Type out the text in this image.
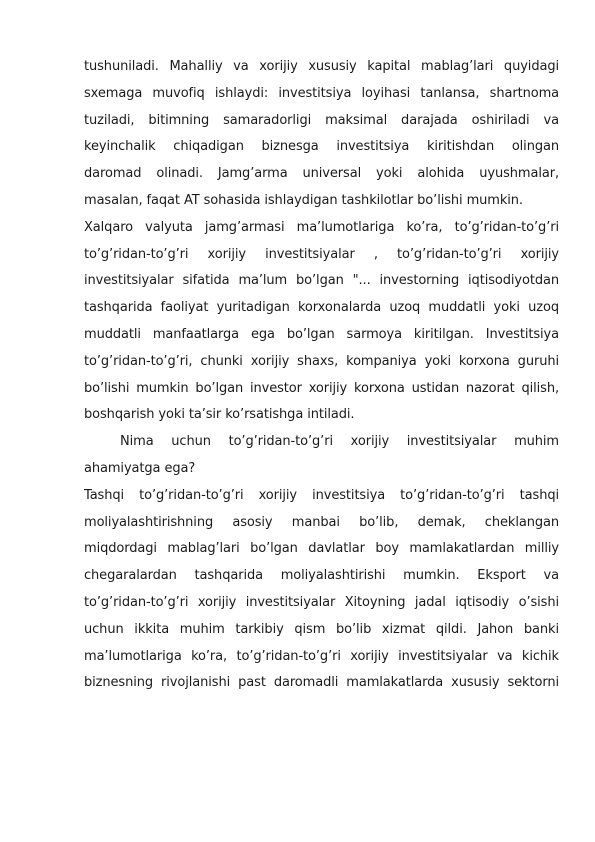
tushuniladi. Mahalliy va xorijiy xususiy kapital mablag’lari quyidagi
sxemaga muvofiq ishlaydi: investitsiya loyihasi tanlansa, shartnoma
tuziladi, bitimning samaradorligi maksimal darajada oshiriladi va
keyinchalik chiqadigan biznesga investitsiya kiritishdan olingan
daromad olinadi. Jamg’arma universal yoki alohida uyushmalar,
masalan, faqat AT sohasida ishlaydigan tashkilotlar bo’lishi mumkin.
Xalqaro valyuta jamg’armasi ma’lumotlariga ko’ra, to’g’ridan-to’g’ri
to’g’ridan-to’g’ri xorijiy investitsiyalar , to’g’ridan-to’g’ri xorijiy
investitsiyalar sifatida ma’lum bo’lgan "... investorning iqtisodiyotdan
tashqarida faoliyat yuritadigan korxonalarda uzoq muddatli yoki uzoq
muddatli manfaatlarga ega bo’lgan sarmoya kiritilgan. Investitsiya
to’g’ridan-to’g’ri, chunki xorijiy shaxs, kompaniya yoki korxona guruhi
bo’lishi mumkin bo’lgan investor xorijiy korxona ustidan nazorat qilish,
boshqarish yoki ta’sir ko’rsatishga intiladi.
Nima uchun to’g’ridan-to’g’ri xorijiy investitsiyalar muhim
ahamiyatga ega?
Tashqi to’g’ridan-to’g’ri xorijiy investitsiya to’g’ridan-to’g’ri tashqi
moliyalashtirishning asosiy manbai bo’lib, demak, cheklangan
miqdordagi mablag’lari bo’lgan davlatlar boy mamlakatlardan milliy
chegaralardan tashqarida moliyalashtirishi mumkin. Eksport va
to’g’ridan-to’g’ri xorijiy investitsiyalar Xitoyning jadal iqtisodiy o’sishi
uchun ikkita muhim tarkibiy qism bo’lib xizmat qildi. Jahon banki
ma’lumotlariga ko’ra, to’g’ridan-to’g’ri xorijiy investitsiyalar va kichik
biznesning rivojlanishi past daromadli mamlakatlarda xususiy sektorni
